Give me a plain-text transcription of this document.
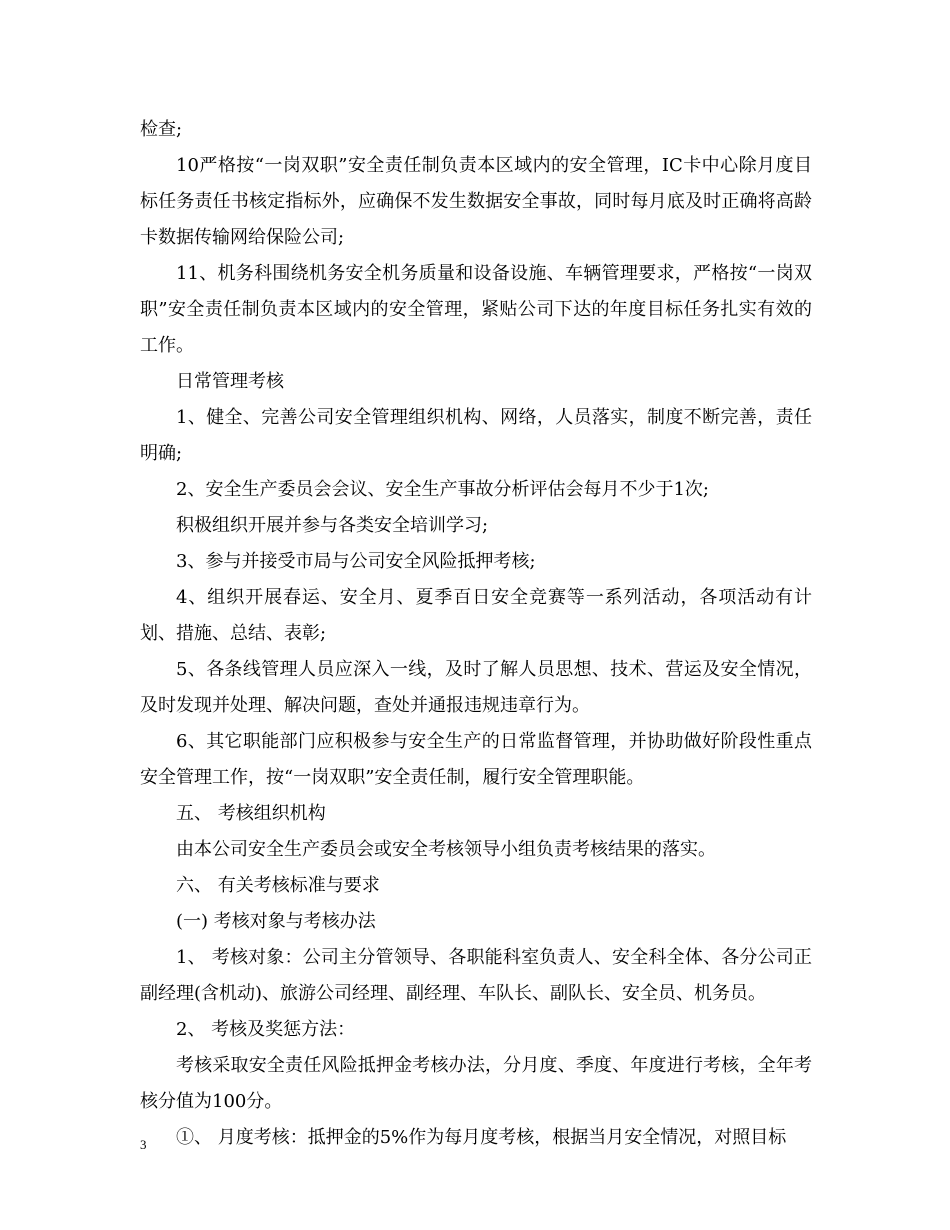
检查;

10严格按“一岗双职”安全责任制负责本区域内的安全管理，IC卡中心除月度目标任务责任书核定指标外，应确保不发生数据安全事故，同时每月底及时正确将高龄卡数据传输网给保险公司;

11、机务科围绕机务安全机务质量和设备设施、车辆管理要求，严格按“一岗双职”安全责任制负责本区域内的安全管理，紧贴公司下达的年度目标任务扎实有效的工作。

日常管理考核

1、健全、完善公司安全管理组织机构、网络，人员落实，制度不断完善，责任明确;

2、安全生产委员会会议、安全生产事故分析评估会每月不少于1次;

积极组织开展并参与各类安全培训学习;

3、参与并接受市局与公司安全风险抵押考核;

4、组织开展春运、安全月、夏季百日安全竞赛等一系列活动，各项活动有计划、措施、总结、表彰;

5、各条线管理人员应深入一线，及时了解人员思想、技术、营运及安全情况，及时发现并处理、解决问题，查处并通报违规违章行为。

6、其它职能部门应积极参与安全生产的日常监督管理，并协助做好阶段性重点安全管理工作，按“一岗双职”安全责任制，履行安全管理职能。

五、 考核组织机构

由本公司安全生产委员会或安全考核领导小组负责考核结果的落实。

六、 有关考核标准与要求

(一) 考核对象与考核办法

1、 考核对象：公司主分管领导、各职能科室负责人、安全科全体、各分公司正副经理(含机动)、旅游公司经理、副经理、车队长、副队长、安全员、机务员。

2、 考核及奖惩方法：

考核采取安全责任风险抵押金考核办法，分月度、季度、年度进行考核，全年考核分值为100分。

①、 月度考核：抵押金的5%作为每月度考核，根据当月安全情况，对照目标

3
